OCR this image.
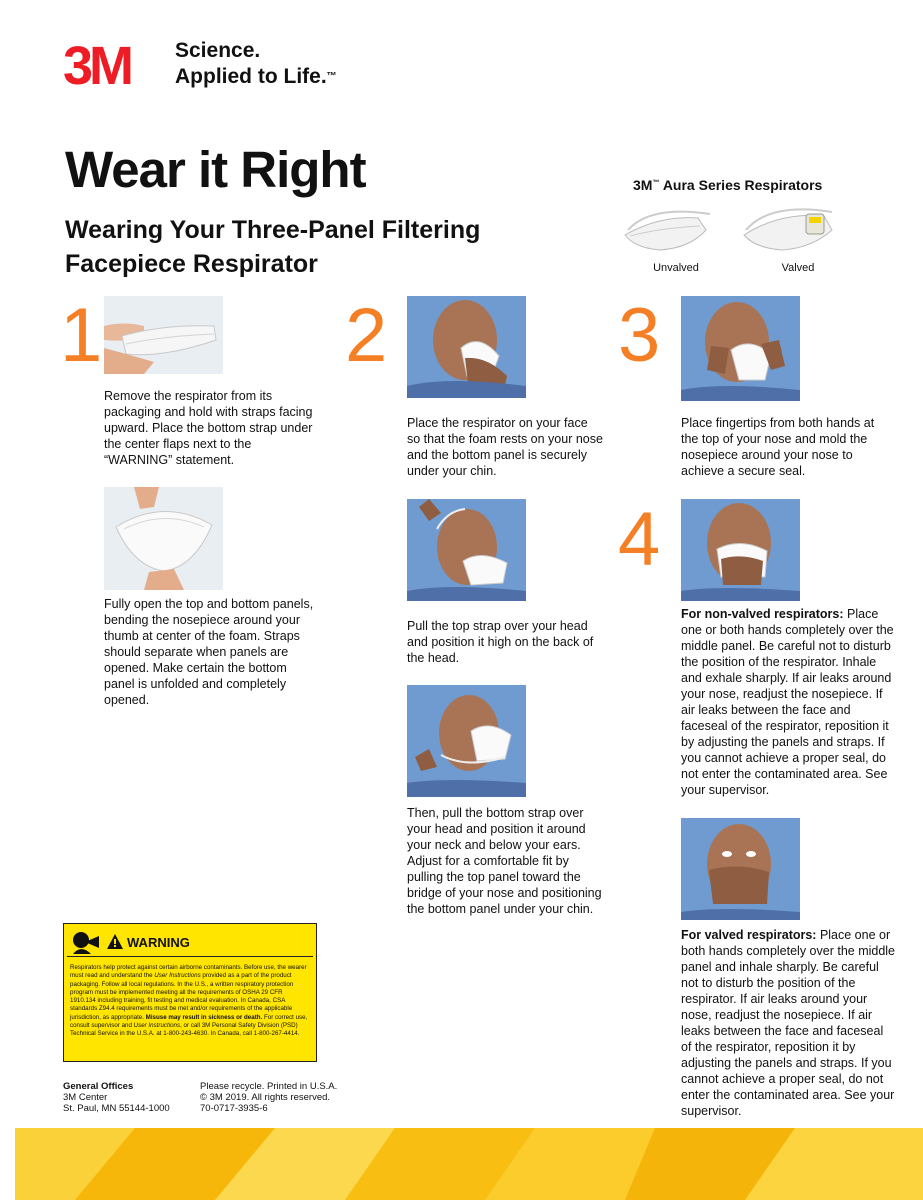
3M Science.
Applied to Life.™
Wear it Right
Wearing Your Three-Panel Filtering
Facepiece Respirator
3M™ Aura Series Respirators
Unvalved	Valved
1
Remove the respirator from its packaging and hold with straps facing upward. Place the bottom strap under the center flaps next to the “WARNING” statement.
Fully open the top and bottom panels, bending the nosepiece around your thumb at center of the foam. Straps should separate when panels are opened. Make certain the bottom panel is unfolded and completely opened.
2
Place the respirator on your face so that the foam rests on your nose and the bottom panel is securely under your chin.
Pull the top strap over your head and position it high on the back of the head.
Then, pull the bottom strap over your head and position it around your neck and below your ears. Adjust for a comfortable fit by pulling the top panel toward the bridge of your nose and positioning the bottom panel under your chin.
3
Place fingertips from both hands at the top of your nose and mold the nosepiece around your nose to achieve a secure seal.
4
For non-valved respirators: Place one or both hands completely over the middle panel. Be careful not to disturb the position of the respirator. Inhale and exhale sharply. If air leaks around your nose, readjust the nosepiece. If air leaks between the face and faceseal of the respirator, reposition it by adjusting the panels and straps. If you cannot achieve a proper seal, do not enter the contaminated area. See your supervisor.
For valved respirators: Place one or both hands completely over the middle panel and inhale sharply. Be careful not to disturb the position of the respirator. If air leaks around your nose, readjust the nosepiece. If air leaks between the face and faceseal of the respirator, reposition it by adjusting the panels and straps. If you cannot achieve a proper seal, do not enter the contaminated area. See your supervisor.
WARNING
Respirators help protect against certain airborne contaminants. Before use, the wearer must read and understand the User Instructions provided as a part of the product packaging. Follow all local regulations. In the U.S., a written respiratory protection program must be implemented meeting all the requirements of OSHA 29 CFR 1910.134 including training, fit testing and medical evaluation. In Canada, CSA standards Z94.4 requirements must be met and/or requirements of the applicable jurisdiction, as appropriate. Misuse may result in sickness or death. For correct use, consult supervisor and User Instructions, or call 3M Personal Safety Division (PSD) Technical Service in the U.S.A. at 1-800-243-4630. In Canada, call 1-800-267-4414.
General Offices
3M Center
St. Paul, MN 55144-1000
Please recycle. Printed in U.S.A.
© 3M 2019. All rights reserved.
70-0717-3935-6
